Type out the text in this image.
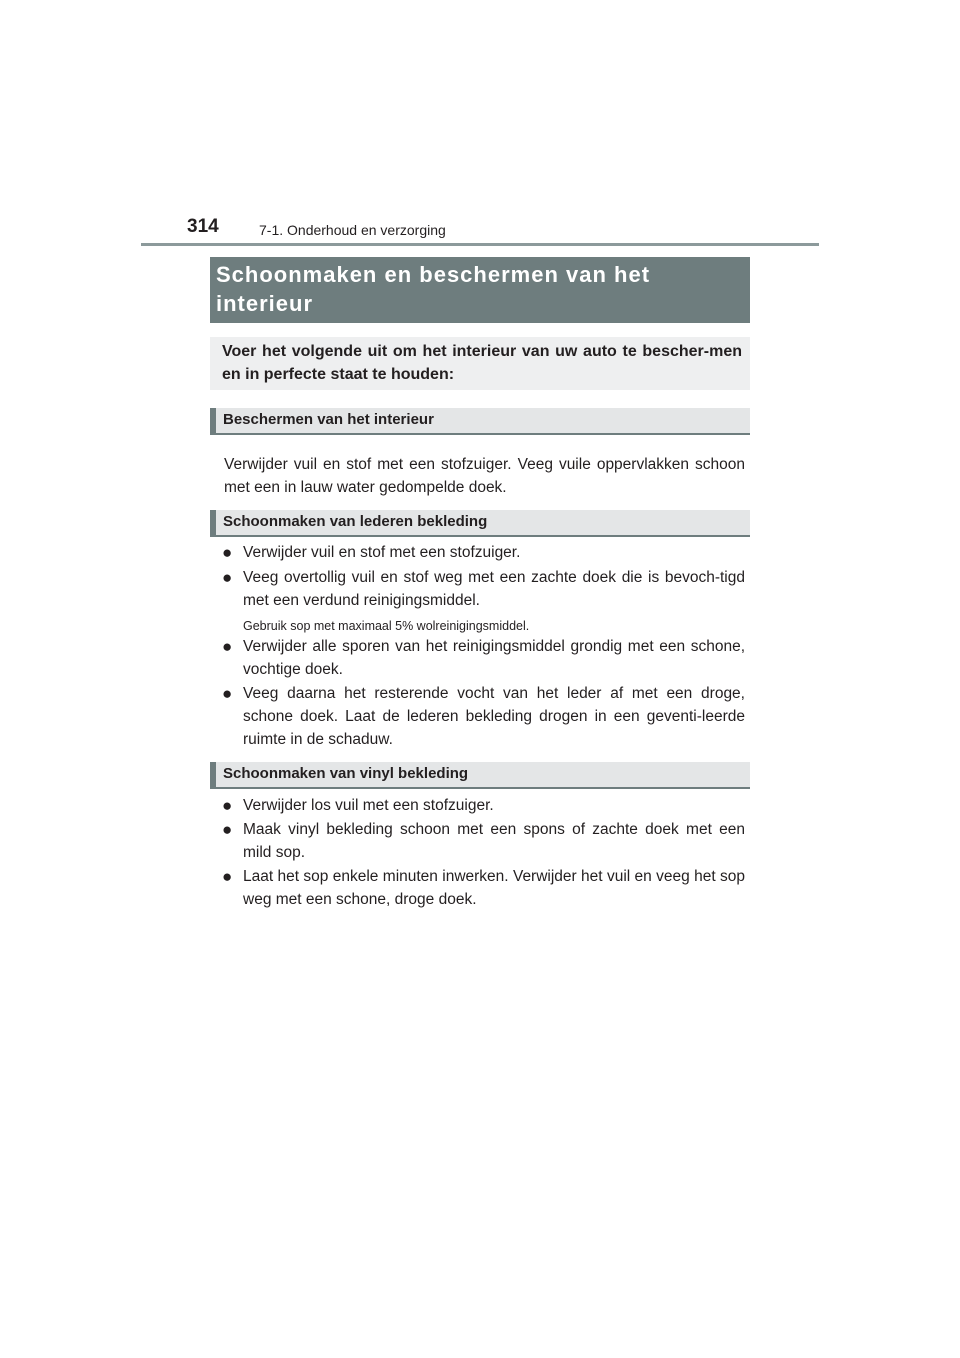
314	7-1. Onderhoud en verzorging
Schoonmaken en beschermen van het interieur
Voer het volgende uit om het interieur van uw auto te bescher-men en in perfecte staat te houden:
Beschermen van het interieur
Verwijder vuil en stof met een stofzuiger. Veeg vuile oppervlakken schoon met een in lauw water gedompelde doek.
Schoonmaken van lederen bekleding
● Verwijder vuil en stof met een stofzuiger.
● Veeg overtollig vuil en stof weg met een zachte doek die is bevoch-tigd met een verdund reinigingsmiddel.
Gebruik sop met maximaal 5% wolreinigingsmiddel.
● Verwijder alle sporen van het reinigingsmiddel grondig met een schone, vochtige doek.
● Veeg daarna het resterende vocht van het leder af met een droge, schone doek. Laat de lederen bekleding drogen in een geventi-leerde ruimte in de schaduw.
Schoonmaken van vinyl bekleding
● Verwijder los vuil met een stofzuiger.
● Maak vinyl bekleding schoon met een spons of zachte doek met een mild sop.
● Laat het sop enkele minuten inwerken. Verwijder het vuil en veeg het sop weg met een schone, droge doek.
